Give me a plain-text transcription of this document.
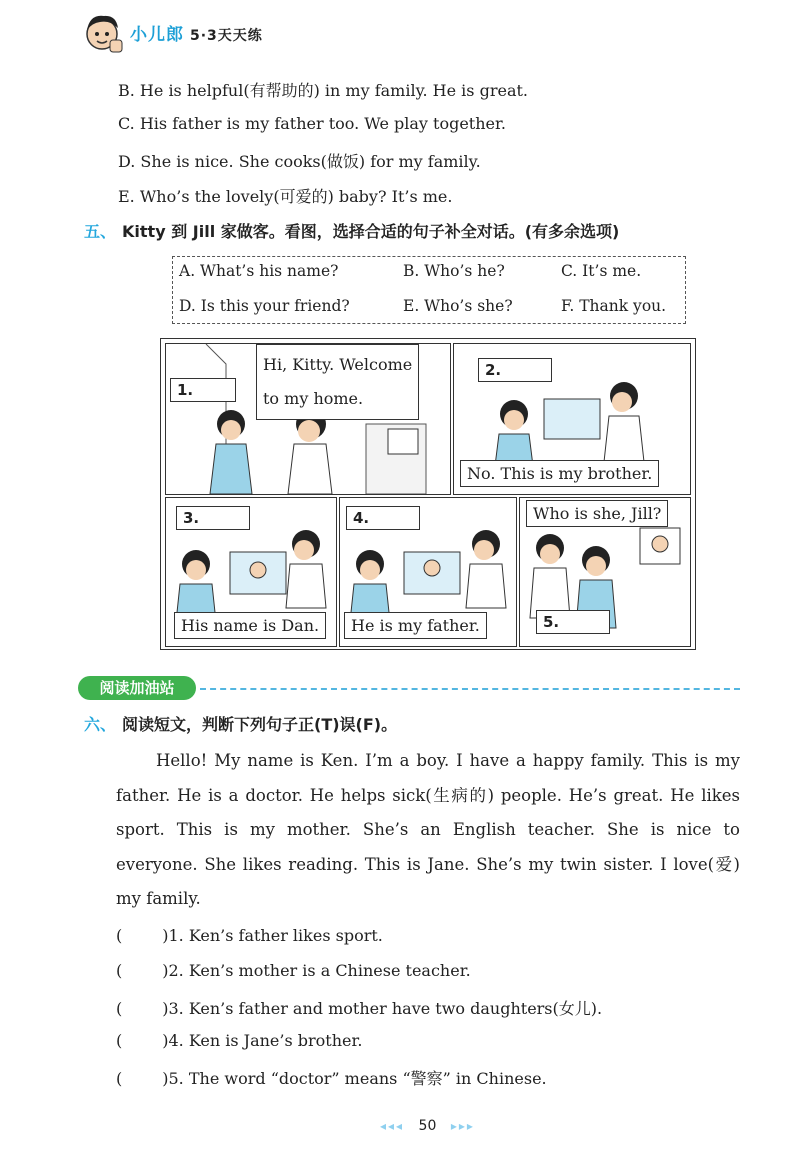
小儿郎 5·3天天练
B. He is helpful(有帮助的) in my family. He is great.
C. His father is my father too. We play together.
D. She is nice. She cooks(做饭) for my family.
E. Who’s the lovely(可爱的) baby? It’s me.
五、 Kitty 到 Jill 家做客。看图，选择合适的句子补全对话。(有多余选项)
A. What’s his name?	B. Who’s he?	C. It’s me.
D. Is this your friend?	E. Who’s she?	F. Thank you.
Hi, Kitty. Welcome
to my home.
1.
2.
No. This is my brother.
3.
His name is Dan.
4.
He is my father.
Who is she, Jill?
5.
阅读加油站
六、 阅读短文，判断下列句子正(T)误(F)。
Hello! My name is Ken. I’m a boy. I have a happy family. This is my father. He is a doctor. He helps sick(生病的) people. He’s great. He likes sport. This is my mother. She’s an English teacher. She is nice to everyone. She likes reading. This is Jane. She’s my twin sister. I love(爱) my family.
(	)1. Ken’s father likes sport.
(	)2. Ken’s mother is a Chinese teacher.
(	)3. Ken’s father and mother have two daughters(女儿).
(	)4. Ken is Jane’s brother.
(	)5. The word “doctor” means “警察” in Chinese.
◂◂◂ 50 ▸▸▸
